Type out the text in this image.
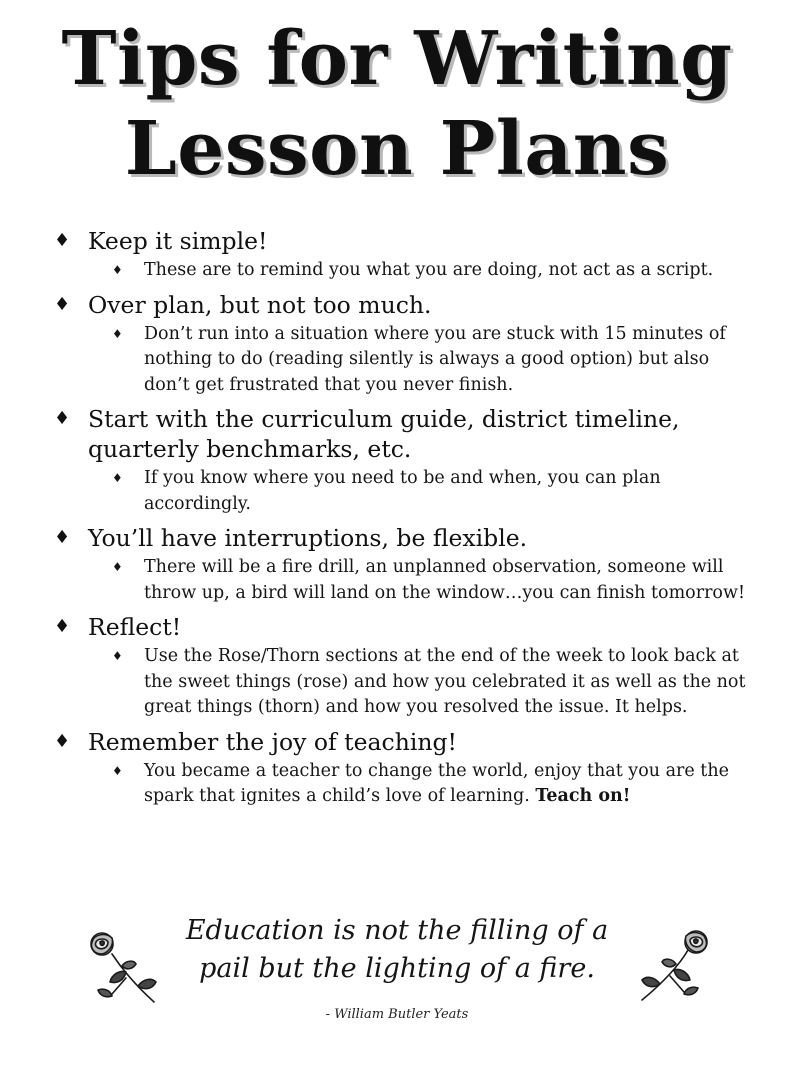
Tips for Writing
Lesson Plans
♦ Keep it simple!
♦ These are to remind you what you are doing, not act as a script.
♦ Over plan, but not too much.
♦ Don’t run into a situation where you are stuck with 15 minutes of nothing to do (reading silently is always a good option) but also don’t get frustrated that you never finish.
♦ Start with the curriculum guide, district timeline, quarterly benchmarks, etc.
♦ If you know where you need to be and when, you can plan accordingly.
♦ You’ll have interruptions, be flexible.
♦ There will be a fire drill, an unplanned observation, someone will throw up, a bird will land on the window…you can finish tomorrow!
♦ Reflect!
♦ Use the Rose/Thorn sections at the end of the week to look back at the sweet things (rose) and how you celebrated it as well as the not great things (thorn) and how you resolved the issue. It helps.
♦ Remember the joy of teaching!
♦ You became a teacher to change the world, enjoy that you are the spark that ignites a child’s love of learning. Teach on!
Education is not the filling of a
pail but the lighting of a fire.
- William Butler Yeats
